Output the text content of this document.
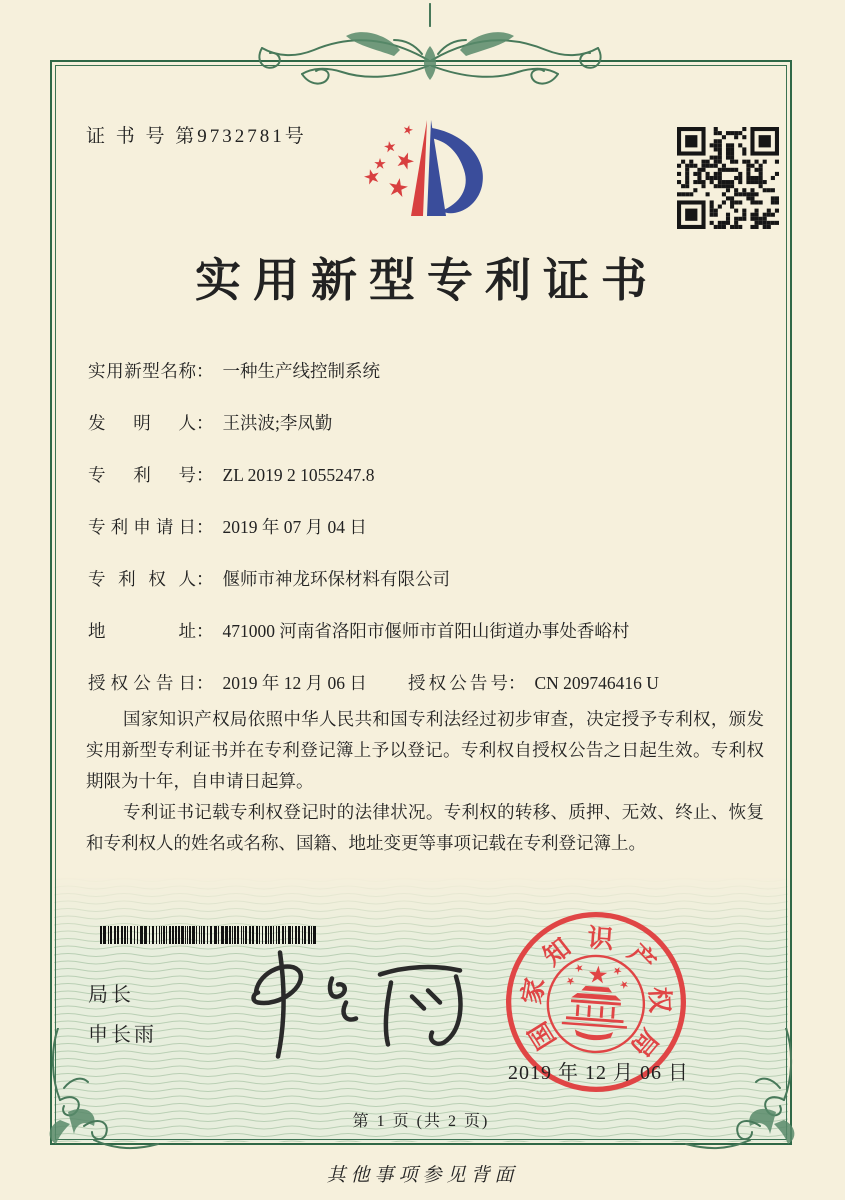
证 书 号 第9732781号
实用新型专利证书
实用新型名称： 一种生产线控制系统
发明人： 王洪波;李凤勤
专利号： ZL 2019 2 1055247.8
专利申请日： 2019 年 07 月 04 日
专利权人： 偃师市神龙环保材料有限公司
地址： 471000 河南省洛阳市偃师市首阳山街道办事处香峪村
授权公告日： 2019 年 12 月 06 日 授权公告号： CN 209746416 U

国家知识产权局依照中华人民共和国专利法经过初步审查，决定授予专利权，颁发实用新型专利证书并在专利登记簿上予以登记。专利权自授权公告之日起生效。专利权期限为十年，自申请日起算。

专利证书记载专利权登记时的法律状况。专利权的转移、质押、无效、终止、恢复和专利权人的姓名或名称、国籍、地址变更等事项记载在专利登记簿上。

局长
申长雨	国
家
知 识 产
权
局
2019 年 12 月 06 日
第 1 页 (共 2 页)
其他事项参见背面
